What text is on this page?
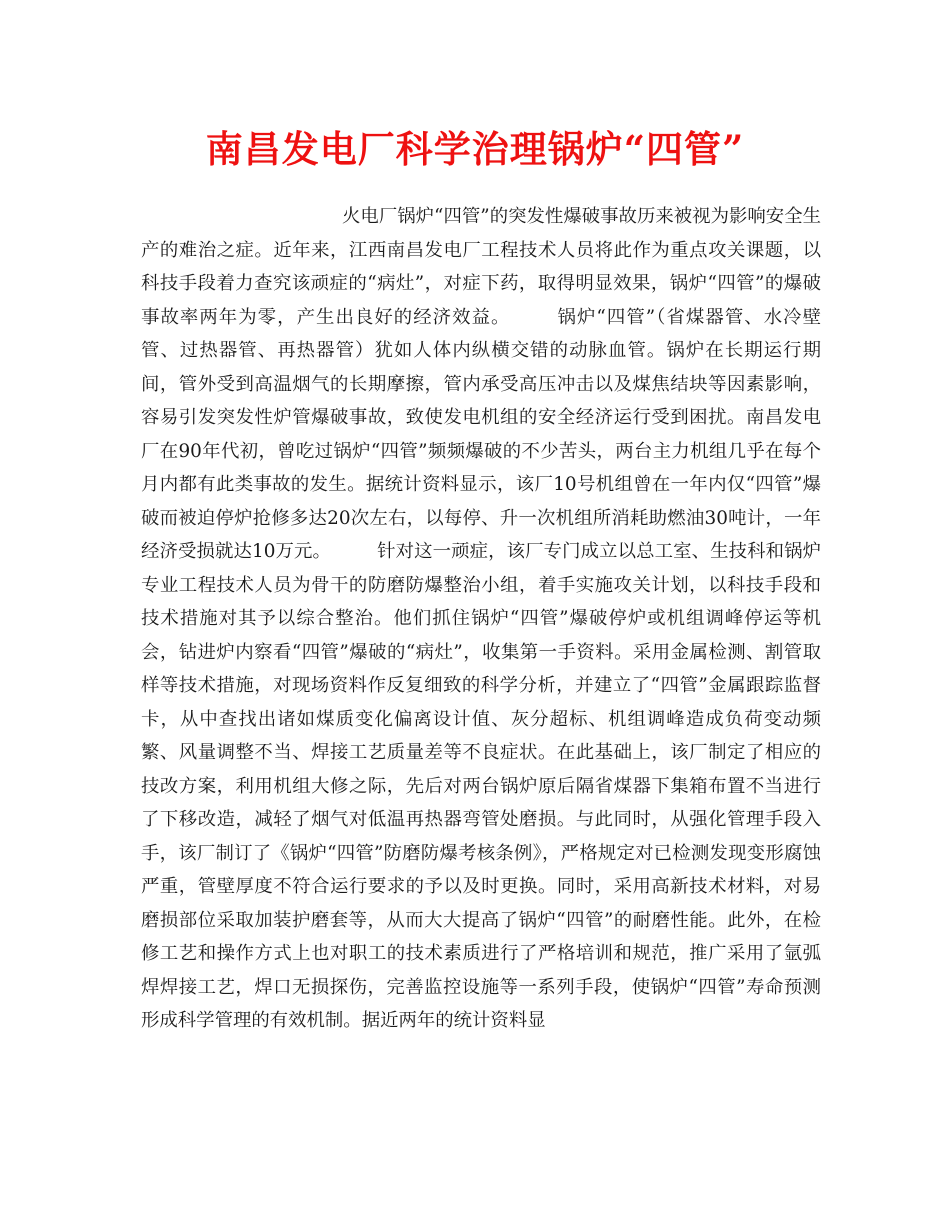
南昌发电厂科学治理锅炉“四管”
火电厂锅炉“四管”的突发性爆破事故历来被视为影响安全生产的难治之症。近年来，江西南昌发电厂工程技术人员将此作为重点攻关课题，以科技手段着力查究该顽症的“病灶”，对症下药，取得明显效果，锅炉“四管”的爆破事故率两年为零，产生出良好的经济效益。	锅炉“四管”（省煤器管、水冷壁管、过热器管、再热器管）犹如人体内纵横交错的动脉血管。锅炉在长期运行期间，管外受到高温烟气的长期摩擦，管内承受高压冲击以及煤焦结块等因素影响，容易引发突发性炉管爆破事故，致使发电机组的安全经济运行受到困扰。南昌发电厂在90年代初，曾吃过锅炉“四管”频频爆破的不少苦头，两台主力机组几乎在每个月内都有此类事故的发生。据统计资料显示，该厂10号机组曾在一年内仅“四管”爆破而被迫停炉抢修多达20次左右，以每停、升一次机组所消耗助燃油30吨计，一年经济受损就达10万元。	针对这一顽症，该厂专门成立以总工室、生技科和锅炉专业工程技术人员为骨干的防磨防爆整治小组，着手实施攻关计划，以科技手段和技术措施对其予以综合整治。他们抓住锅炉“四管”爆破停炉或机组调峰停运等机会，钻进炉内察看“四管”爆破的“病灶”，收集第一手资料。采用金属检测、割管取样等技术措施，对现场资料作反复细致的科学分析，并建立了“四管”金属跟踪监督卡，从中查找出诸如煤质变化偏离设计值、灰分超标、机组调峰造成负荷变动频繁、风量调整不当、焊接工艺质量差等不良症状。在此基础上，该厂制定了相应的技改方案，利用机组大修之际，先后对两台锅炉原后隔省煤器下集箱布置不当进行了下移改造，减轻了烟气对低温再热器弯管处磨损。与此同时，从强化管理手段入手，该厂制订了《锅炉“四管”防磨防爆考核条例》，严格规定对已检测发现变形腐蚀严重，管壁厚度不符合运行要求的予以及时更换。同时，采用高新技术材料，对易磨损部位采取加装护磨套等，从而大大提高了锅炉“四管”的耐磨性能。此外，在检修工艺和操作方式上也对职工的技术素质进行了严格培训和规范，推广采用了氩弧焊焊接工艺，焊口无损探伤，完善监控设施等一系列手段，使锅炉“四管”寿命预测形成科学管理的有效机制。据近两年的统计资料显
